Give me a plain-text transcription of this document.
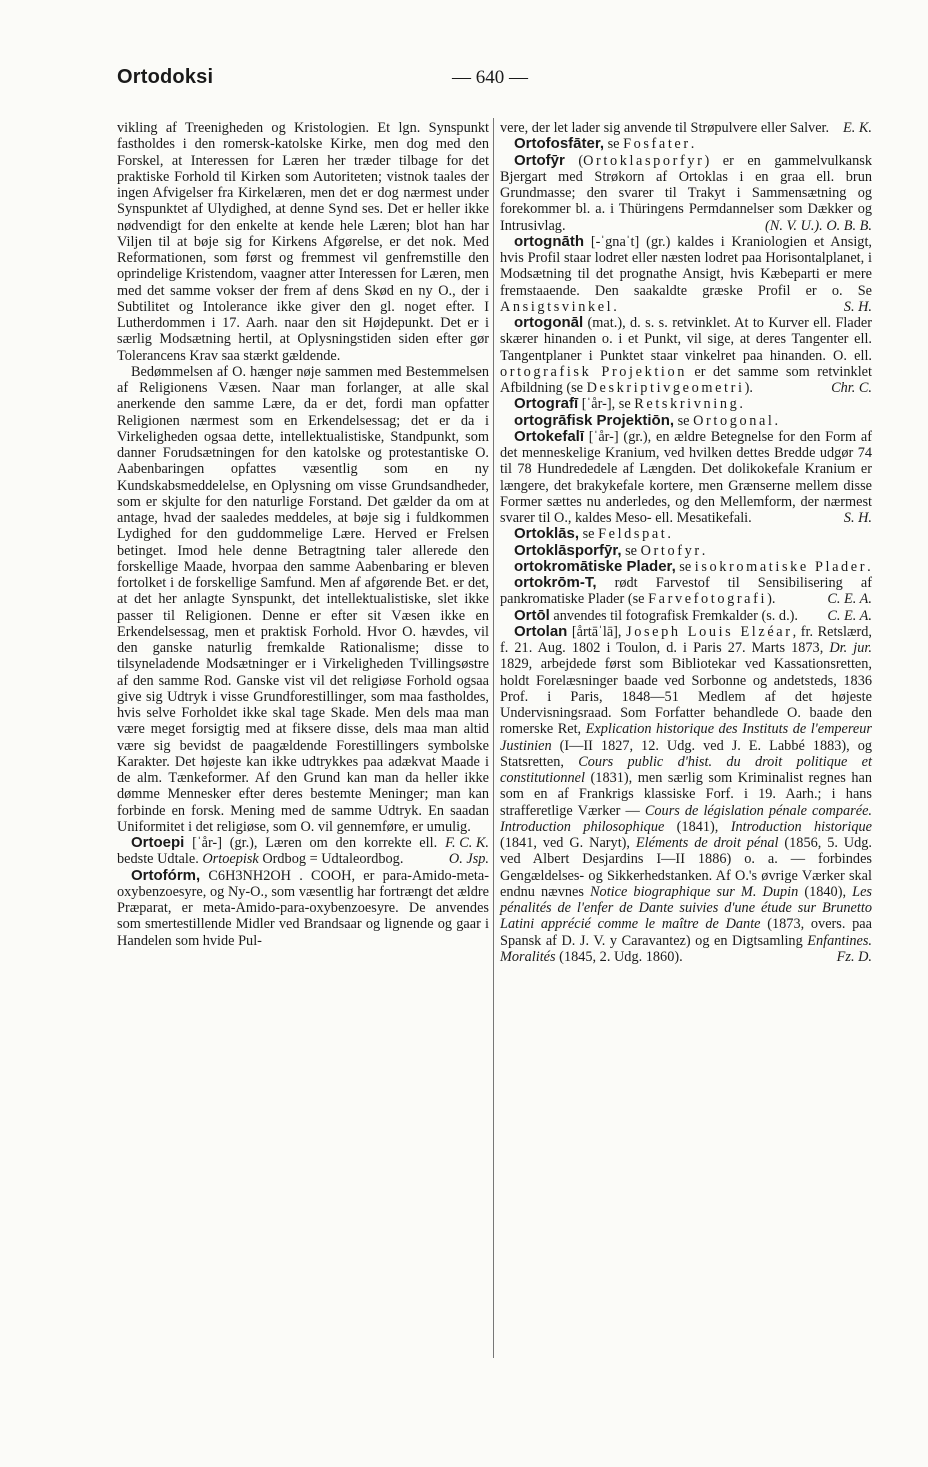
Ortodoksi	— 640 —

vikling af Treenigheden og Kristologien. Et lgn. Synspunkt fastholdes i den romersk-katolske Kirke, men dog med den Forskel, at Interessen for Læren her træder tilbage for det praktiske Forhold til Kirken som Autoriteten; vistnok taales der ingen Afvigelser fra Kirkelæren, men det er dog nærmest under Synspunktet af Ulydighed, at denne Synd ses. Det er heller ikke nødvendigt for den enkelte at kende hele Læren; blot han har Viljen til at bøje sig for Kirkens Afgørelse, er det nok. Med Reformationen, som først og fremmest vil genfremstille den oprindelige Kristendom, vaagner atter Interessen for Læren, men med det samme vokser der frem af dens Skød en ny O., der i Subtilitet og Intolerance ikke giver den gl. noget efter. I Lutherdommen i 17. Aarh. naar den sit Højdepunkt. Det er i særlig Modsætning hertil, at Oplysningstiden siden efter gør Tolerancens Krav saa stærkt gældende.

Bedømmelsen af O. hænger nøje sammen med Bestemmelsen af Religionens Væsen. Naar man forlanger, at alle skal anerkende den samme Lære, da er det, fordi man opfatter Religionen nærmest som en Erkendelsessag; det er da i Virkeligheden ogsaa dette, intellektualistiske, Standpunkt, som danner Forudsætningen for den katolske og protestantiske O. Aabenbaringen opfattes væsentlig som en ny Kundskabsmeddelelse, en Oplysning om visse Grundsandheder, som er skjulte for den naturlige Forstand. Det gælder da om at antage, hvad der saaledes meddeles, at bøje sig i fuldkommen Lydighed for den guddommelige Lære. Herved er Frelsen betinget. Imod hele denne Betragtning taler allerede den forskellige Maade, hvorpaa den samme Aabenbaring er bleven fortolket i de forskellige Samfund. Men af afgørende Bet. er det, at det her anlagte Synspunkt, det intellektualistiske, slet ikke passer til Religionen. Denne er efter sit Væsen ikke en Erkendelsessag, men et praktisk Forhold. Hvor O. hævdes, vil den ganske naturlig fremkalde Rationalisme; disse to tilsyneladende Modsætninger er i Virkeligheden Tvillingsøstre af den samme Rod. Ganske vist vil det religiøse Forhold ogsaa give sig Udtryk i visse Grundforestillinger, som maa fastholdes, hvis selve Forholdet ikke skal tage Skade. Men dels maa man være meget forsigtig med at fiksere disse, dels maa man altid være sig bevidst de paagældende Forestillingers symbolske Karakter. Det højeste kan ikke udtrykkes paa adækvat Maade i de alm. Tænkeformer. Af den Grund kan man da heller ikke dømme Mennesker efter deres bestemte Meninger; man kan forbinde en forsk. Mening med de samme Udtryk. En saadan Uniformitet i det religiøse, som O. vil gennemføre, er umulig.
F. C. K.

Ortoepi [ˈår-] (gr.), Læren om den korrekte ell. bedste Udtale. Ortoepisk Ordbog = Udtaleordbog.	O. Jsp.

Ortofórm, C6H3NH2OH . COOH, er para-Amido-meta-oxybenzoesyre, og Ny-O., som væsentlig har fortrængt det ældre Præparat, er meta-Amido-para-oxybenzoesyre. De anvendes som smertestillende Midler ved Brandsaar og lignende og gaar i Handelen som hvide Pul-

vere, der let lader sig anvende til Strøpulvere eller Salver. E. K.

Ortofosfāter, se Fosfater.

Ortofȳr (Ortoklasporfyr) er en gammelvulkansk Bjergart med Strøkorn af Ortoklas i en graa ell. brun Grundmasse; den svarer til Trakyt i Sammensætning og forekommer bl. a. i Thüringens Permdannelser som Dækker og Intrusivlag.	(N. V. U.). O. B. B.

ortognāth [-ˈgnaˈt] (gr.) kaldes i Kraniologien et Ansigt, hvis Profil staar lodret eller næsten lodret paa Horisontalplanet, i Modsætning til det prognathe Ansigt, hvis Kæbeparti er mere fremstaaende. Den saakaldte græske Profil er o. Se Ansigtsvinkel.	S. H.

ortogonāl (mat.), d. s. s. retvinklet. At to Kurver ell. Flader skærer hinanden o. i et Punkt, vil sige, at deres Tangenter ell. Tangentplaner i Punktet staar vinkelret paa hinanden. O. ell. ortografisk Projektion er det samme som retvinklet Afbildning (se Deskriptivgeometri).	Chr. C.

Ortografī [ˈår-], se Retskrivning.

ortogrāfisk Projektiōn, se Ortogonal.

Ortokefalī [ˈår-] (gr.), en ældre Betegnelse for den Form af det menneskelige Kranium, ved hvilken dettes Bredde udgør 74 til 78 Hundrededele af Længden. Det dolikokefale Kranium er længere, det brakykefale kortere, men Grænserne mellem disse Former sættes nu anderledes, og den Mellemform, der nærmest svarer til O., kaldes Meso- ell. Mesatikefali.	S. H.

Ortoklās, se Feldspat.

Ortoklāsporfȳr, se Ortofyr.

ortokromātiske Plader, se isokromatiske Plader.

ortokrōm-T, rødt Farvestof til Sensibilisering af pankromatiske Plader (se Farvefotografi).	C. E. A.

Ortōl anvendes til fotografisk Fremkalder (s. d.).	C. E. A.

Ortolan [årtāˈlā], Joseph Louis Elzéar, fr. Retslærd, f. 21. Aug. 1802 i Toulon, d. i Paris 27. Marts 1873, Dr. jur. 1829, arbejdede først som Bibliotekar ved Kassationsretten, holdt Forelæsninger baade ved Sorbonne og andetsteds, 1836 Prof. i Paris, 1848—51 Medlem af det højeste Undervisningsraad. Som Forfatter behandlede O. baade den romerske Ret, Explication historique des Instituts de l'empereur Justinien (I—II 1827, 12. Udg. ved J. E. Labbé 1883), og Statsretten, Cours public d'hist. du droit politique et constitutionnel (1831), men særlig som Kriminalist regnes han som en af Frankrigs klassiske Forf. i 19. Aarh.; i hans strafferetlige Værker — Cours de législation pénale comparée. Introduction philosophique (1841), Introduction historique (1841, ved G. Naryt), Eléments de droit pénal (1856, 5. Udg. ved Albert Desjardins I—II 1886) o. a. — forbindes Gengældelses- og Sikkerhedstanken. Af O.'s øvrige Værker skal endnu nævnes Notice biographique sur M. Dupin (1840), Les pénalités de l'enfer de Dante suivies d'une étude sur Brunetto Latini apprécié comme le maître de Dante (1873, overs. paa Spansk af D. J. V. y Caravantez) og en Digtsamling Enfantines. Moralités (1845, 2. Udg. 1860).	Fz. D.
